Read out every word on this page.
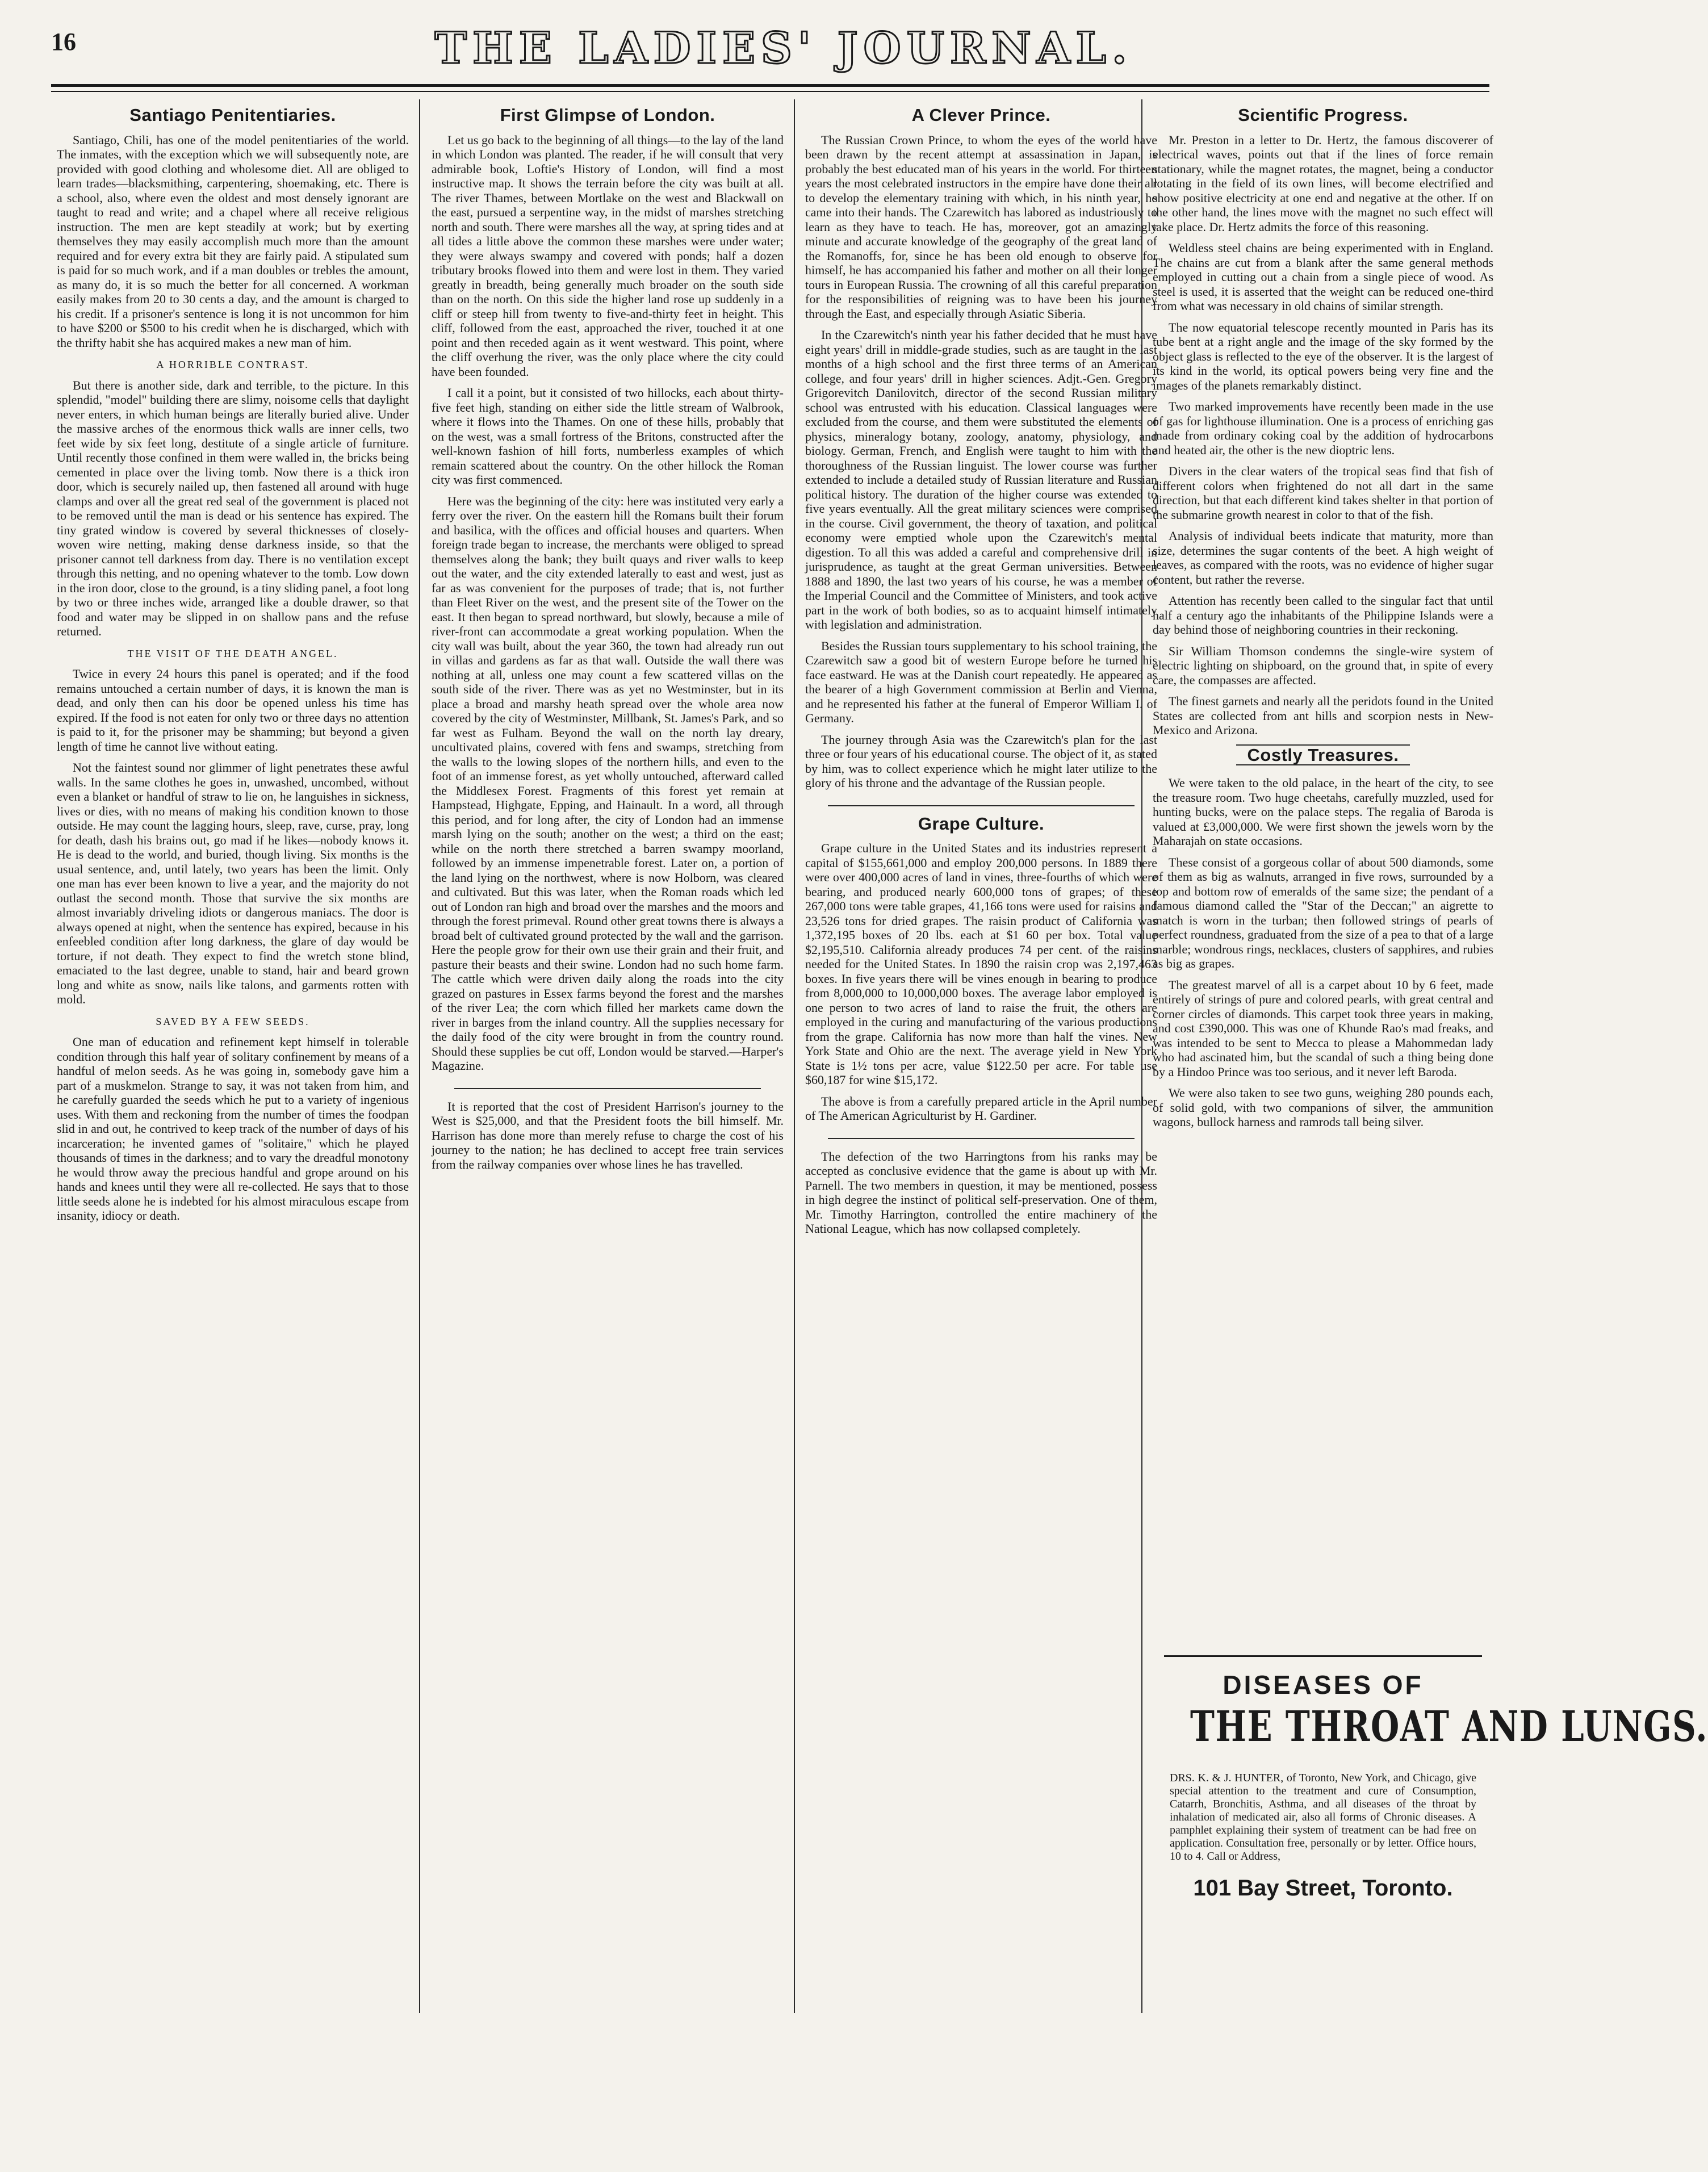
16	THE LADIES' JOURNAL.
Santiago Penitentiaries.

Santiago, Chili, has one of the model penitentiaries of the world. The inmates, with the exception which we will subsequently note, are provided with good clothing and wholesome diet. All are obliged to learn trades—blacksmithing, carpentering, shoemaking, etc. There is a school, also, where even the oldest and most densely ignorant are taught to read and write; and a chapel where all receive religious instruction. The men are kept steadily at work; but by exerting themselves they may easily accomplish much more than the amount required and for every extra bit they are fairly paid. A stipulated sum is paid for so much work, and if a man doubles or trebles the amount, as many do, it is so much the better for all concerned. A workman easily makes from 20 to 30 cents a day, and the amount is charged to his credit. If a prisoner's sentence is long it is not uncommon for him to have $200 or $500 to his credit when he is discharged, which with the thrifty habit she has acquired makes a new man of him.

A HORRIBLE CONTRAST.

But there is another side, dark and terrible, to the picture. In this splendid, "model" building there are slimy, noisome cells that daylight never enters, in which human beings are literally buried alive. Under the massive arches of the enormous thick walls are inner cells, two feet wide by six feet long, destitute of a single article of furniture. Until recently those confined in them were walled in, the bricks being cemented in place over the living tomb. Now there is a thick iron door, which is securely nailed up, then fastened all around with huge clamps and over all the great red seal of the government is placed not to be removed until the man is dead or his sentence has expired. The tiny grated window is covered by several thicknesses of closely-woven wire netting, making dense darkness inside, so that the prisoner cannot tell darkness from day. There is no ventilation except through this netting, and no opening whatever to the tomb. Low down in the iron door, close to the ground, is a tiny sliding panel, a foot long by two or three inches wide, arranged like a double drawer, so that food and water may be slipped in on shallow pans and the refuse returned.

THE VISIT OF THE DEATH ANGEL.

Twice in every 24 hours this panel is operated; and if the food remains untouched a certain number of days, it is known the man is dead, and only then can his door be opened unless his time has expired. If the food is not eaten for only two or three days no attention is paid to it, for the prisoner may be shamming; but beyond a given length of time he cannot live without eating.

Not the faintest sound nor glimmer of light penetrates these awful walls. In the same clothes he goes in, unwashed, uncombed, without even a blanket or handful of straw to lie on, he languishes in sickness, lives or dies, with no means of making his condition known to those outside. He may count the lagging hours, sleep, rave, curse, pray, long for death, dash his brains out, go mad if he likes—nobody knows it. He is dead to the world, and buried, though living. Six months is the usual sentence, and, until lately, two years has been the limit. Only one man has ever been known to live a year, and the majority do not outlast the second month. Those that survive the six months are almost invariably driveling idiots or dangerous maniacs. The door is always opened at night, when the sentence has expired, because in his enfeebled condition after long darkness, the glare of day would be torture, if not death. They expect to find the wretch stone blind, emaciated to the last degree, unable to stand, hair and beard grown long and white as snow, nails like talons, and garments rotten with mold.

SAVED BY A FEW SEEDS.

One man of education and refinement kept himself in tolerable condition through this half year of solitary confinement by means of a handful of melon seeds. As he was going in, somebody gave him a part of a muskmelon. Strange to say, it was not taken from him, and he carefully guarded the seeds which he put to a variety of ingenious uses. With them and reckoning from the number of times the foodpan slid in and out, he contrived to keep track of the number of days of his incarceration; he invented games of "solitaire," which he played thousands of times in the darkness; and to vary the dreadful monotony he would throw away the precious handful and grope around on his hands and knees until they were all re-collected. He says that to those little seeds alone he is indebted for his almost miraculous escape from insanity, idiocy or death.

First Glimpse of London.

Let us go back to the beginning of all things—to the lay of the land in which London was planted. The reader, if he will consult that very admirable book, Loftie's History of London, will find a most instructive map. It shows the terrain before the city was built at all. The river Thames, between Mortlake on the west and Blackwall on the east, pursued a serpentine way, in the midst of marshes stretching north and south. There were marshes all the way, at spring tides and at all tides a little above the common these marshes were under water; they were always swampy and covered with ponds; half a dozen tributary brooks flowed into them and were lost in them. They varied greatly in breadth, being generally much broader on the south side than on the north. On this side the higher land rose up suddenly in a cliff or steep hill from twenty to five-and-thirty feet in height. This cliff, followed from the east, approached the river, touched it at one point and then receded again as it went westward. This point, where the cliff overhung the river, was the only place where the city could have been founded.

I call it a point, but it consisted of two hillocks, each about thirty-five feet high, standing on either side the little stream of Walbrook, where it flows into the Thames. On one of these hills, probably that on the west, was a small fortress of the Britons, constructed after the well-known fashion of hill forts, numberless examples of which remain scattered about the country. On the other hillock the Roman city was first commenced.

Here was the beginning of the city: here was instituted very early a ferry over the river. On the eastern hill the Romans built their forum and basilica, with the offices and official houses and quarters. When foreign trade began to increase, the merchants were obliged to spread themselves along the bank; they built quays and river walls to keep out the water, and the city extended laterally to east and west, just as far as was convenient for the purposes of trade; that is, not further than Fleet River on the west, and the present site of the Tower on the east. It then began to spread northward, but slowly, because a mile of river-front can accommodate a great working population. When the city wall was built, about the year 360, the town had already run out in villas and gardens as far as that wall. Outside the wall there was nothing at all, unless one may count a few scattered villas on the south side of the river. There was as yet no Westminster, but in its place a broad and marshy heath spread over the whole area now covered by the city of Westminster, Millbank, St. James's Park, and so far west as Fulham. Beyond the wall on the north lay dreary, uncultivated plains, covered with fens and swamps, stretching from the walls to the lowing slopes of the northern hills, and even to the foot of an immense forest, as yet wholly untouched, afterward called the Middlesex Forest. Fragments of this forest yet remain at Hampstead, Highgate, Epping, and Hainault. In a word, all through this period, and for long after, the city of London had an immense marsh lying on the south; another on the west; a third on the east; while on the north there stretched a barren swampy moorland, followed by an immense impenetrable forest. Later on, a portion of the land lying on the northwest, where is now Holborn, was cleared and cultivated. But this was later, when the Roman roads which led out of London ran high and broad over the marshes and the moors and through the forest primeval. Round other great towns there is always a broad belt of cultivated ground protected by the wall and the garrison. Here the people grow for their own use their grain and their fruit, and pasture their beasts and their swine. London had no such home farm. The cattle which were driven daily along the roads into the city grazed on pastures in Essex farms beyond the forest and the marshes of the river Lea; the corn which filled her markets came down the river in barges from the inland country. All the supplies necessary for the daily food of the city were brought in from the country round. Should these supplies be cut off, London would be starved.—Harper's Magazine.

It is reported that the cost of President Harrison's journey to the West is $25,000, and that the President foots the bill himself. Mr. Harrison has done more than merely refuse to charge the cost of his journey to the nation; he has declined to accept free train services from the railway companies over whose lines he has travelled.

A Clever Prince.

The Russian Crown Prince, to whom the eyes of the world have been drawn by the recent attempt at assassination in Japan, is probably the best educated man of his years in the world. For thirteen years the most celebrated instructors in the empire have done their all to develop the elementary training with which, in his ninth year, he came into their hands. The Czarewitch has labored as industriously to learn as they have to teach. He has, moreover, got an amazingly minute and accurate knowledge of the geography of the great land of the Romanoffs, for, since he has been old enough to observe for himself, he has accompanied his father and mother on all their longer tours in European Russia. The crowning of all this careful preparation for the responsibilities of reigning was to have been his journey through the East, and especially through Asiatic Siberia.

In the Czarewitch's ninth year his father decided that he must have eight years' drill in middle-grade studies, such as are taught in the last months of a high school and the first three terms of an American college, and four years' drill in higher sciences. Adjt.-Gen. Gregory Grigorevitch Danilovitch, director of the second Russian military school was entrusted with his education. Classical languages were excluded from the course, and them were substituted the elements of physics, mineralogy botany, zoology, anatomy, physiology, and biology. German, French, and English were taught to him with the thoroughness of the Russian linguist. The lower course was further extended to include a detailed study of Russian literature and Russian political history. The duration of the higher course was extended to five years eventually. All the great military sciences were comprised in the course. Civil government, the theory of taxation, and political economy were emptied whole upon the Czarewitch's mental digestion. To all this was added a careful and comprehensive drill in jurisprudence, as taught at the great German universities. Between 1888 and 1890, the last two years of his course, he was a member of the Imperial Council and the Committee of Ministers, and took active part in the work of both bodies, so as to acquaint himself intimately with legislation and administration.

Besides the Russian tours supplementary to his school training, the Czarewitch saw a good bit of western Europe before he turned his face eastward. He was at the Danish court repeatedly. He appeared as the bearer of a high Government commission at Berlin and Vienna, and he represented his father at the funeral of Emperor William I. of Germany.

The journey through Asia was the Czarewitch's plan for the last three or four years of his educational course. The object of it, as stated by him, was to collect experience which he might later utilize to the glory of his throne and the advantage of the Russian people.

Grape Culture.

Grape culture in the United States and its industries represent a capital of $155,661,000 and employ 200,000 persons. In 1889 there were over 400,000 acres of land in vines, three-fourths of which were bearing, and produced nearly 600,000 tons of grapes; of these 267,000 tons were table grapes, 41,166 tons were used for raisins and 23,526 tons for dried grapes. The raisin product of California was 1,372,195 boxes of 20 lbs. each at $1 60 per box. Total value $2,195,510. California already produces 74 per cent. of the raisins needed for the United States. In 1890 the raisin crop was 2,197,463 boxes. In five years there will be vines enough in bearing to produce from 8,000,000 to 10,000,000 boxes. The average labor employed is one person to two acres of land to raise the fruit, the others are employed in the curing and manufacturing of the various productions from the grape. California has now more than half the vines. New York State and Ohio are the next. The average yield in New York State is 1½ tons per acre, value $122.50 per acre. For table use $60,187 for wine $15,172.

The above is from a carefully prepared article in the April number of The American Agriculturist by H. Gardiner.

The defection of the two Harringtons from his ranks may be accepted as conclusive evidence that the game is about up with Mr. Parnell. The two members in question, it may be mentioned, possess in high degree the instinct of political self-preservation. One of them, Mr. Timothy Harrington, controlled the entire machinery of the National League, which has now collapsed completely.

Scientific Progress.

Mr. Preston in a letter to Dr. Hertz, the famous discoverer of electrical waves, points out that if the lines of force remain stationary, while the magnet rotates, the magnet, being a conductor rotating in the field of its own lines, will become electrified and show positive electricity at one end and negative at the other. If on the other hand, the lines move with the magnet no such effect will take place. Dr. Hertz admits the force of this reasoning.

Weldless steel chains are being experimented with in England. The chains are cut from a blank after the same general methods employed in cutting out a chain from a single piece of wood. As steel is used, it is asserted that the weight can be reduced one-third from what was necessary in old chains of similar strength.

The now equatorial telescope recently mounted in Paris has its tube bent at a right angle and the image of the sky formed by the object glass is reflected to the eye of the observer. It is the largest of its kind in the world, its optical powers being very fine and the images of the planets remarkably distinct.

Two marked improvements have recently been made in the use of gas for lighthouse illumination. One is a process of enriching gas made from ordinary coking coal by the addition of hydrocarbons and heated air, the other is the new dioptric lens.

Divers in the clear waters of the tropical seas find that fish of different colors when frightened do not all dart in the same direction, but that each different kind takes shelter in that portion of the submarine growth nearest in color to that of the fish.

Analysis of individual beets indicate that maturity, more than size, determines the sugar contents of the beet. A high weight of leaves, as compared with the roots, was no evidence of higher sugar content, but rather the reverse.

Attention has recently been called to the singular fact that until half a century ago the inhabitants of the Philippine Islands were a day behind those of neighboring countries in their reckoning.

Sir William Thomson condemns the single-wire system of electric lighting on shipboard, on the ground that, in spite of every care, the compasses are affected.

The finest garnets and nearly all the peridots found in the United States are collected from ant hills and scorpion nests in New-Mexico and Arizona.

Costly Treasures.

We were taken to the old palace, in the heart of the city, to see the treasure room. Two huge cheetahs, carefully muzzled, used for hunting bucks, were on the palace steps. The regalia of Baroda is valued at £3,000,000. We were first shown the jewels worn by the Maharajah on state occasions.

These consist of a gorgeous collar of about 500 diamonds, some of them as big as walnuts, arranged in five rows, surrounded by a top and bottom row of emeralds of the same size; the pendant of a famous diamond called the "Star of the Deccan;" an aigrette to match is worn in the turban; then followed strings of pearls of perfect roundness, graduated from the size of a pea to that of a large marble; wondrous rings, necklaces, clusters of sapphires, and rubies as big as grapes.

The greatest marvel of all is a carpet about 10 by 6 feet, made entirely of strings of pure and colored pearls, with great central and corner circles of diamonds. This carpet took three years in making, and cost £390,000. This was one of Khunde Rao's mad freaks, and was intended to be sent to Mecca to please a Mahommedan lady who had ascinated him, but the scandal of such a thing being done by a Hindoo Prince was too serious, and it never left Baroda.

We were also taken to see two guns, weighing 280 pounds each, of solid gold, with two companions of silver, the ammunition wagons, bullock harness and ramrods tall being silver.

DISEASES OF
THE THROAT AND LUNGS.
DRS. K. & J. HUNTER, of Toronto, New York, and Chicago, give special attention to the treatment and cure of Consumption, Catarrh, Bronchitis, Asthma, and all diseases of the throat by inhalation of medicated air, also all forms of Chronic diseases. A pamphlet explaining their system of treatment can be had free on application. Consultation free, personally or by letter. Office hours, 10 to 4. Call or Address,
101 Bay Street, Toronto.
